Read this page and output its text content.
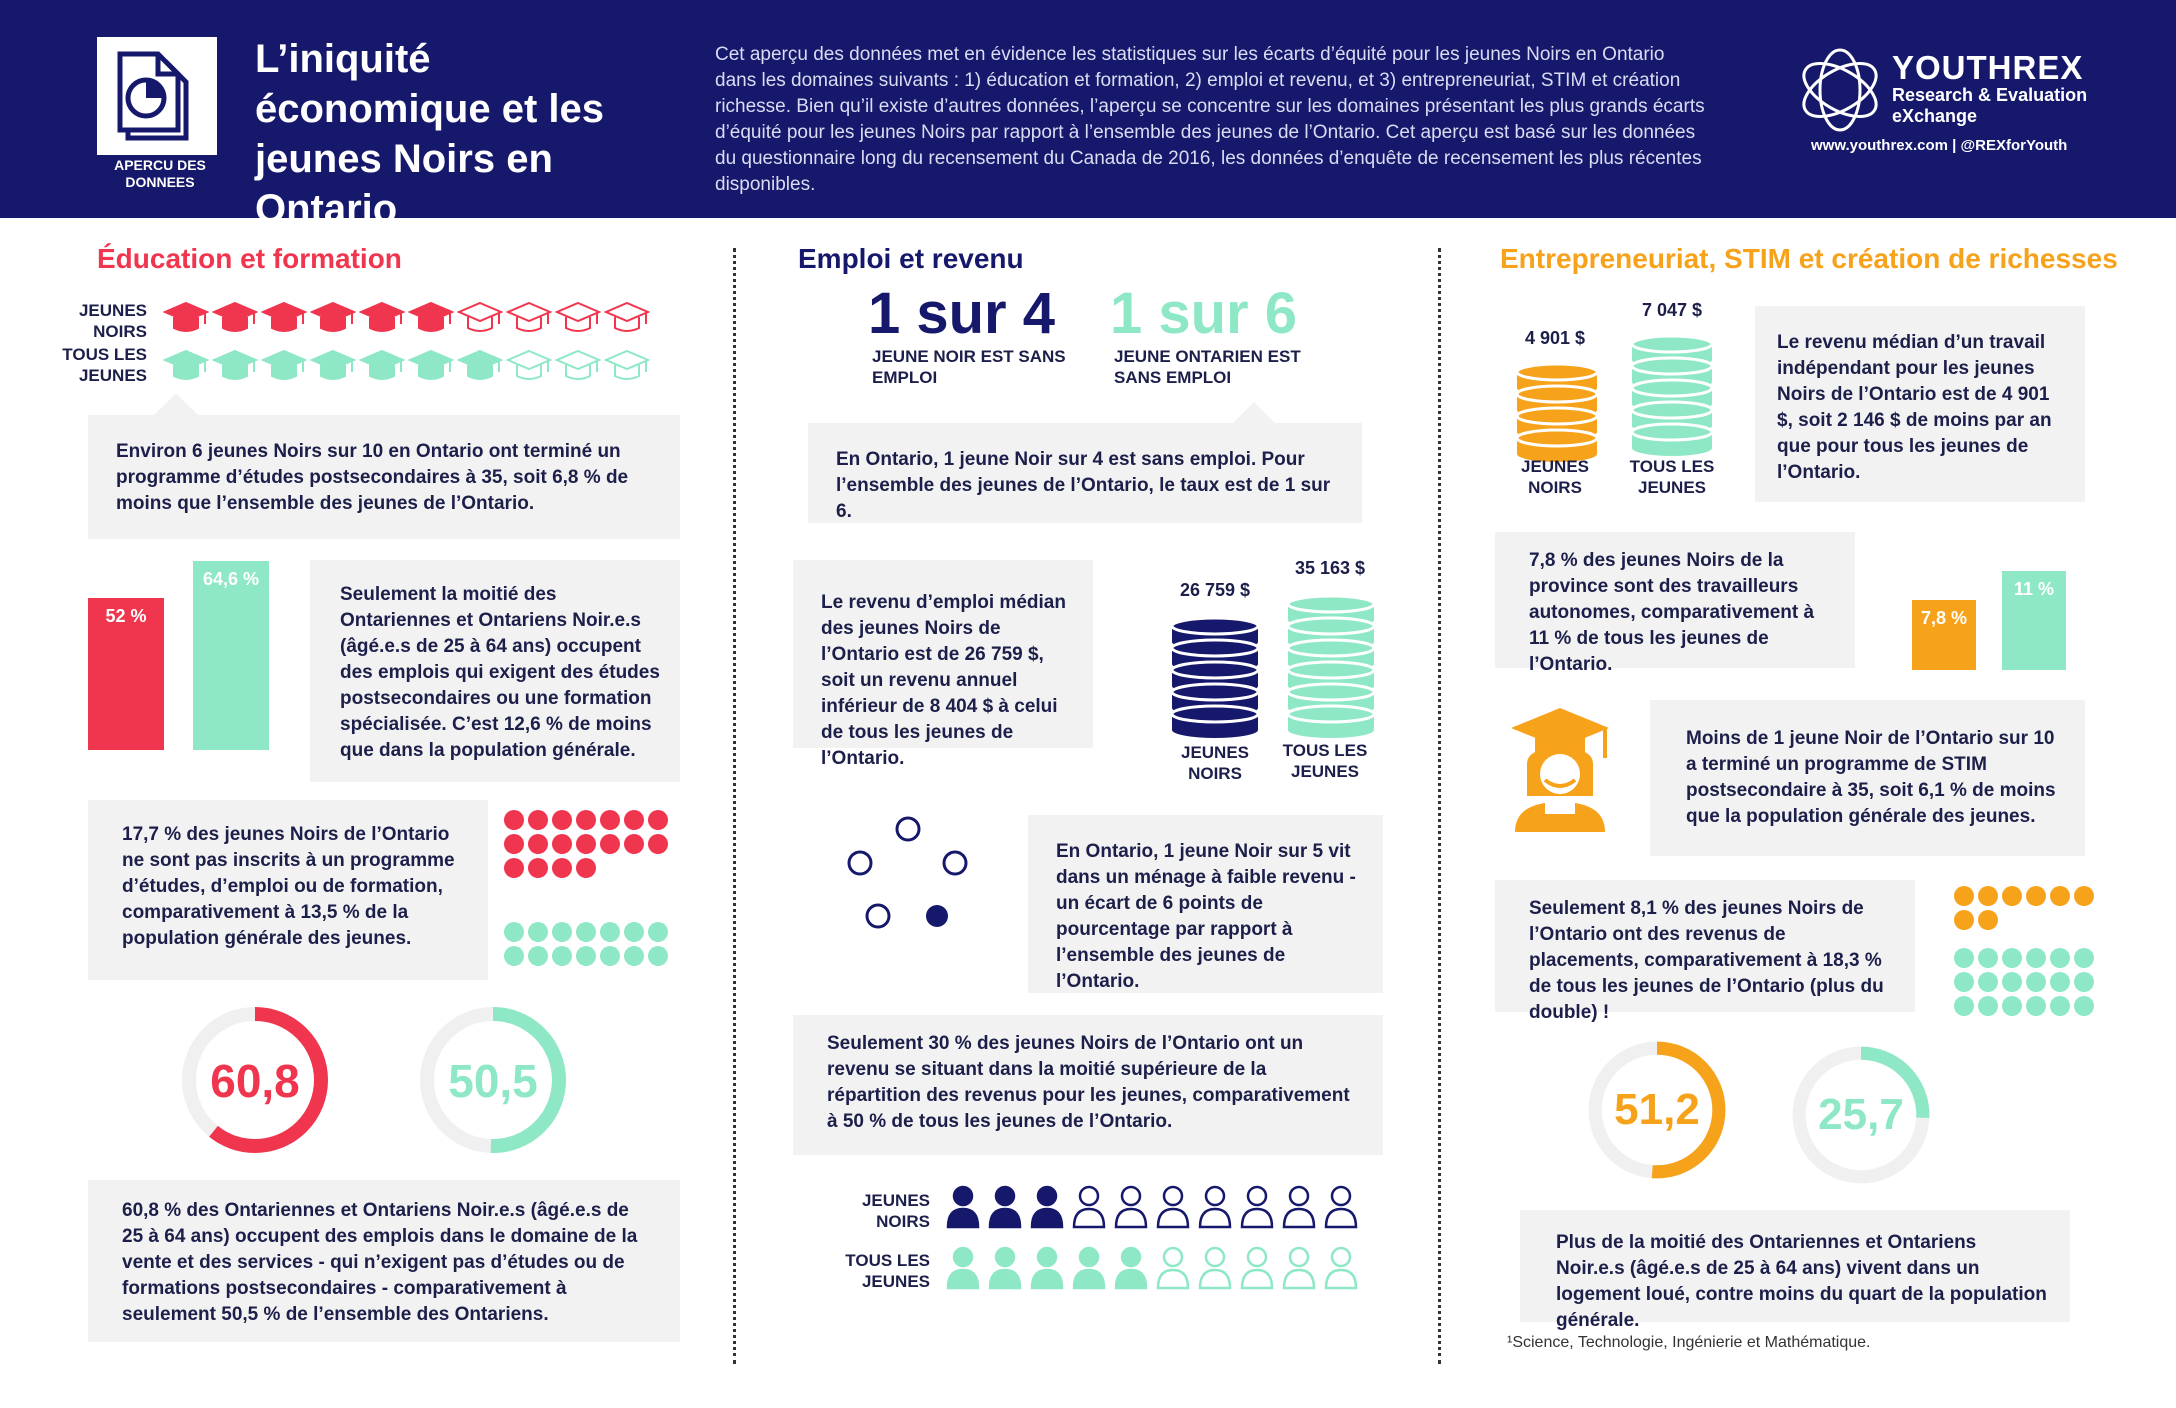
APERCU DES DONNEES
L’iniquité économique et les jeunes Noirs en Ontario
Cet aperçu des données met en évidence les statistiques sur les écarts d’équité pour les jeunes Noirs en Ontario dans les domaines suivants : 1) éducation et formation, 2) emploi et revenu, et 3) entrepreneuriat, STIM et création richesse. Bien qu’il existe d’autres données, l’aperçu se concentre sur les domaines présentant les plus grands écarts d’équité pour les jeunes Noirs par rapport à l’ensemble des jeunes de l’Ontario. Cet aperçu est basé sur les données du questionnaire long du recensement du Canada de 2016, les données d’enquête de recensement les plus récentes disponibles.
YOUTHREX
Research & Evaluation eXchange
www.youthrex.com | @REXforYouth
Éducation et formation
JEUNES NOIRS
TOUS LES JEUNES
Environ 6 jeunes Noirs sur 10 en Ontario ont terminé un programme d’études postsecondaires à 35, soit 6,8 % de moins que l’ensemble des jeunes de l’Ontario.
52 %
64,6 %
Seulement la moitié des Ontariennes et Ontariens Noir.e.s (âgé.e.s de 25 à 64 ans) occupent des emplois qui exigent des études postsecondaires ou une formation spécialisée. C’est 12,6 % de moins que dans la population générale.
17,7 % des jeunes Noirs de l’Ontario ne sont pas inscrits à un programme d’études, d’emploi ou de formation, comparativement à 13,5 % de la population générale des jeunes.
60,8	50,5
60,8 % des Ontariennes et Ontariens Noir.e.s (âgé.e.s de 25 à 64 ans) occupent des emplois dans le domaine de la vente et des services - qui n’exigent pas d’études ou de formations postsecondaires - comparativement à seulement 50,5 % de l’ensemble des Ontariens.
Emploi et revenu
1 sur 4
JEUNE NOIR EST SANS EMPLOI
1 sur 6
JEUNE ONTARIEN EST SANS EMPLOI
En Ontario, 1 jeune Noir sur 4 est sans emploi. Pour l’ensemble des jeunes de l’Ontario, le taux est de 1 sur 6.
Le revenu d’emploi médian des jeunes Noirs de l’Ontario est de 26 759 $, soit un revenu annuel inférieur de 8 404 $ à celui de tous les jeunes de l’Ontario.
26 759 $
JEUNES NOIRS
35 163 $
TOUS LES JEUNES
En Ontario, 1 jeune Noir sur 5 vit dans un ménage à faible revenu - un écart de 6 points de pourcentage par rapport à l’ensemble des jeunes de l’Ontario.
Seulement 30 % des jeunes Noirs de l’Ontario ont un revenu se situant dans la moitié supérieure de la répartition des revenus pour les jeunes, comparativement à 50 % de tous les jeunes de l’Ontario.
JEUNES NOIRS
TOUS LES JEUNES
Entrepreneuriat, STIM et création de richesses
4 901 $
JEUNES NOIRS
7 047 $
TOUS LES JEUNES
Le revenu médian d’un travail indépendant pour les jeunes Noirs de l’Ontario est de 4 901 $, soit 2 146 $ de moins par an que pour tous les jeunes de l’Ontario.
7,8 % des jeunes Noirs de la province sont des travailleurs autonomes, comparativement à 11 % de tous les jeunes de l’Ontario.
7,8 %
11 %
Moins de 1 jeune Noir de l’Ontario sur 10 a terminé un programme de STIM postsecondaire à 35, soit 6,1 % de moins que la population générale des jeunes.
Seulement 8,1 % des jeunes Noirs de l’Ontario ont des revenus de placements, comparativement à 18,3 % de tous les jeunes de l’Ontario (plus du double) !
51,2	25,7
Plus de la moitié des Ontariennes et Ontariens Noir.e.s (âgé.e.s de 25 à 64 ans) vivent dans un logement loué, contre moins du quart de la population générale.
¹Science, Technologie, Ingénierie et Mathématique.
